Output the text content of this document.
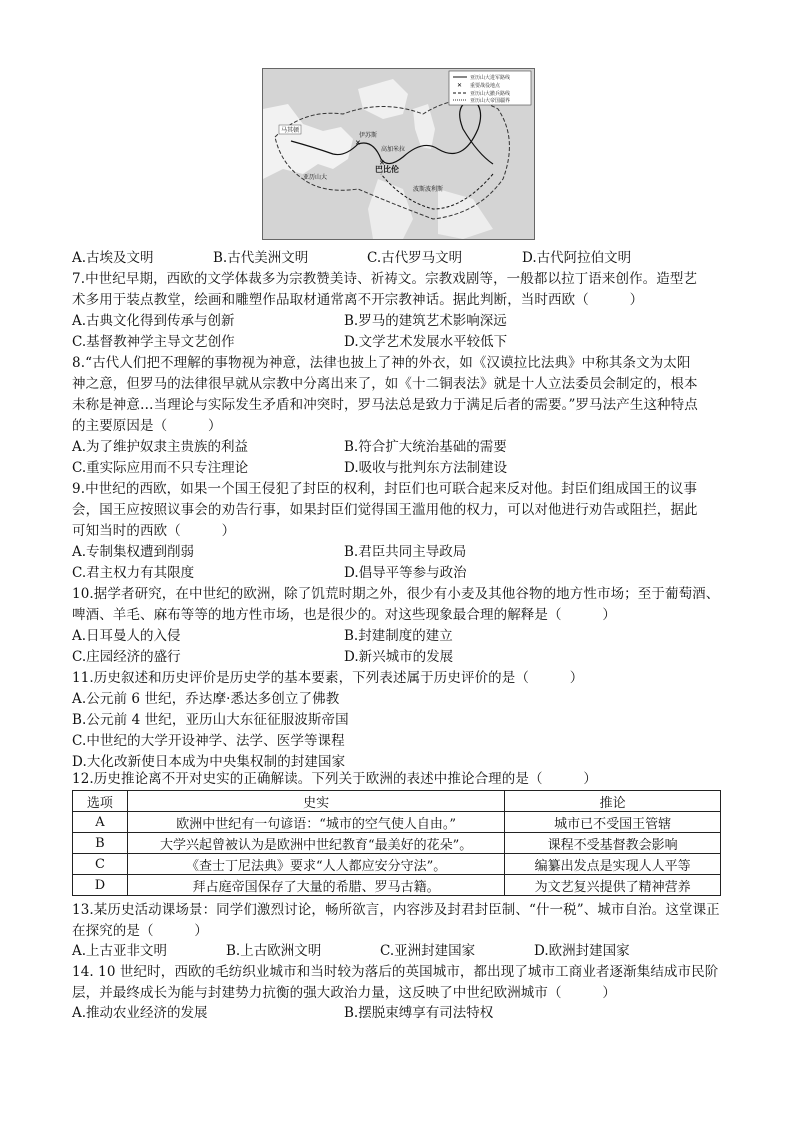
✕
✕
马其顿
伊苏斯
高加米拉
巴比伦
亚历山大
波斯波利斯
亚历山大进军路线
✕ 重要战役地点
亚历山大撤兵路线
亚历山大帝国疆界
A.古埃及文明	B.古代美洲文明	C.古代罗马文明	D.古代阿拉伯文明
7.中世纪早期，西欧的文学体裁多为宗教赞美诗、祈祷文。宗教戏剧等，一般都以拉丁语来创作。造型艺
术多用于装点教堂，绘画和雕塑作品取材通常离不开宗教神话。据此判断，当时西欧（　　　）
A.古典文化得到传承与创新	B.罗马的建筑艺术影响深远
C.基督教神学主导文艺创作	D.文学艺术发展水平较低下
8.“古代人们把不理解的事物视为神意，法律也披上了神的外衣，如《汉谟拉比法典》中称其条文为太阳
神之意，但罗马的法律很早就从宗教中分离出来了，如《十二铜表法》就是十人立法委员会制定的，根本
未称是神意…当理论与实际发生矛盾和冲突时，罗马法总是致力于满足后者的需要。”罗马法产生这种特点
的主要原因是（　　　）
A.为了维护奴隶主贵族的利益	B.符合扩大统治基础的需要
C.重实际应用而不只专注理论	D.吸收与批判东方法制建设
9.中世纪的西欧，如果一个国王侵犯了封臣的权利，封臣们也可联合起来反对他。封臣们组成国王的议事
会，国王应按照议事会的劝告行事，如果封臣们觉得国王滥用他的权力，可以对他进行劝告或阻拦，据此
可知当时的西欧（　　　）
A.专制集权遭到削弱	B.君臣共同主导政局
C.君主权力有其限度	D.倡导平等参与政治
10.据学者研究，在中世纪的欧洲，除了饥荒时期之外，很少有小麦及其他谷物的地方性市场；至于葡萄酒、
啤酒、羊毛、麻布等等的地方性市场，也是很少的。对这些现象最合理的解释是（　　　）
A.日耳曼人的入侵	B.封建制度的建立
C.庄园经济的盛行	D.新兴城市的发展
11.历史叙述和历史评价是历史学的基本要素，下列表述属于历史评价的是（　　　）
A.公元前 6 世纪，乔达摩·悉达多创立了佛教
B.公元前 4 世纪，亚历山大东征征服波斯帝国
C.中世纪的大学开设神学、法学、医学等课程
D.大化改新使日本成为中央集权制的封建国家
12.历史推论离不开对史实的正确解读。下列关于欧洲的表述中推论合理的是（　　　）
选项	史实	推论
A	欧洲中世纪有一句谚语：“城市的空气使人自由。”	城市已不受国王管辖
B	大学兴起曾被认为是欧洲中世纪教育“最美好的花朵”。	课程不受基督教会影响
C	《查士丁尼法典》要求“人人都应安分守法”。	编纂出发点是实现人人平等
D	拜占庭帝国保存了大量的希腊、罗马古籍。	为文艺复兴提供了精神营养
13.某历史活动课场景：同学们激烈讨论，畅所欲言，内容涉及封君封臣制、“什一税”、城市自治。这堂课正
在探究的是（　　　）
A.上古亚非文明	B.上古欧洲文明	C.亚洲封建国家	D.欧洲封建国家
14. 10 世纪时，西欧的毛纺织业城市和当时较为落后的英国城市，都出现了城市工商业者逐渐集结成市民阶
层，并最终成长为能与封建势力抗衡的强大政治力量，这反映了中世纪欧洲城市（　　　）
A.推动农业经济的发展	B.摆脱束缚享有司法特权
